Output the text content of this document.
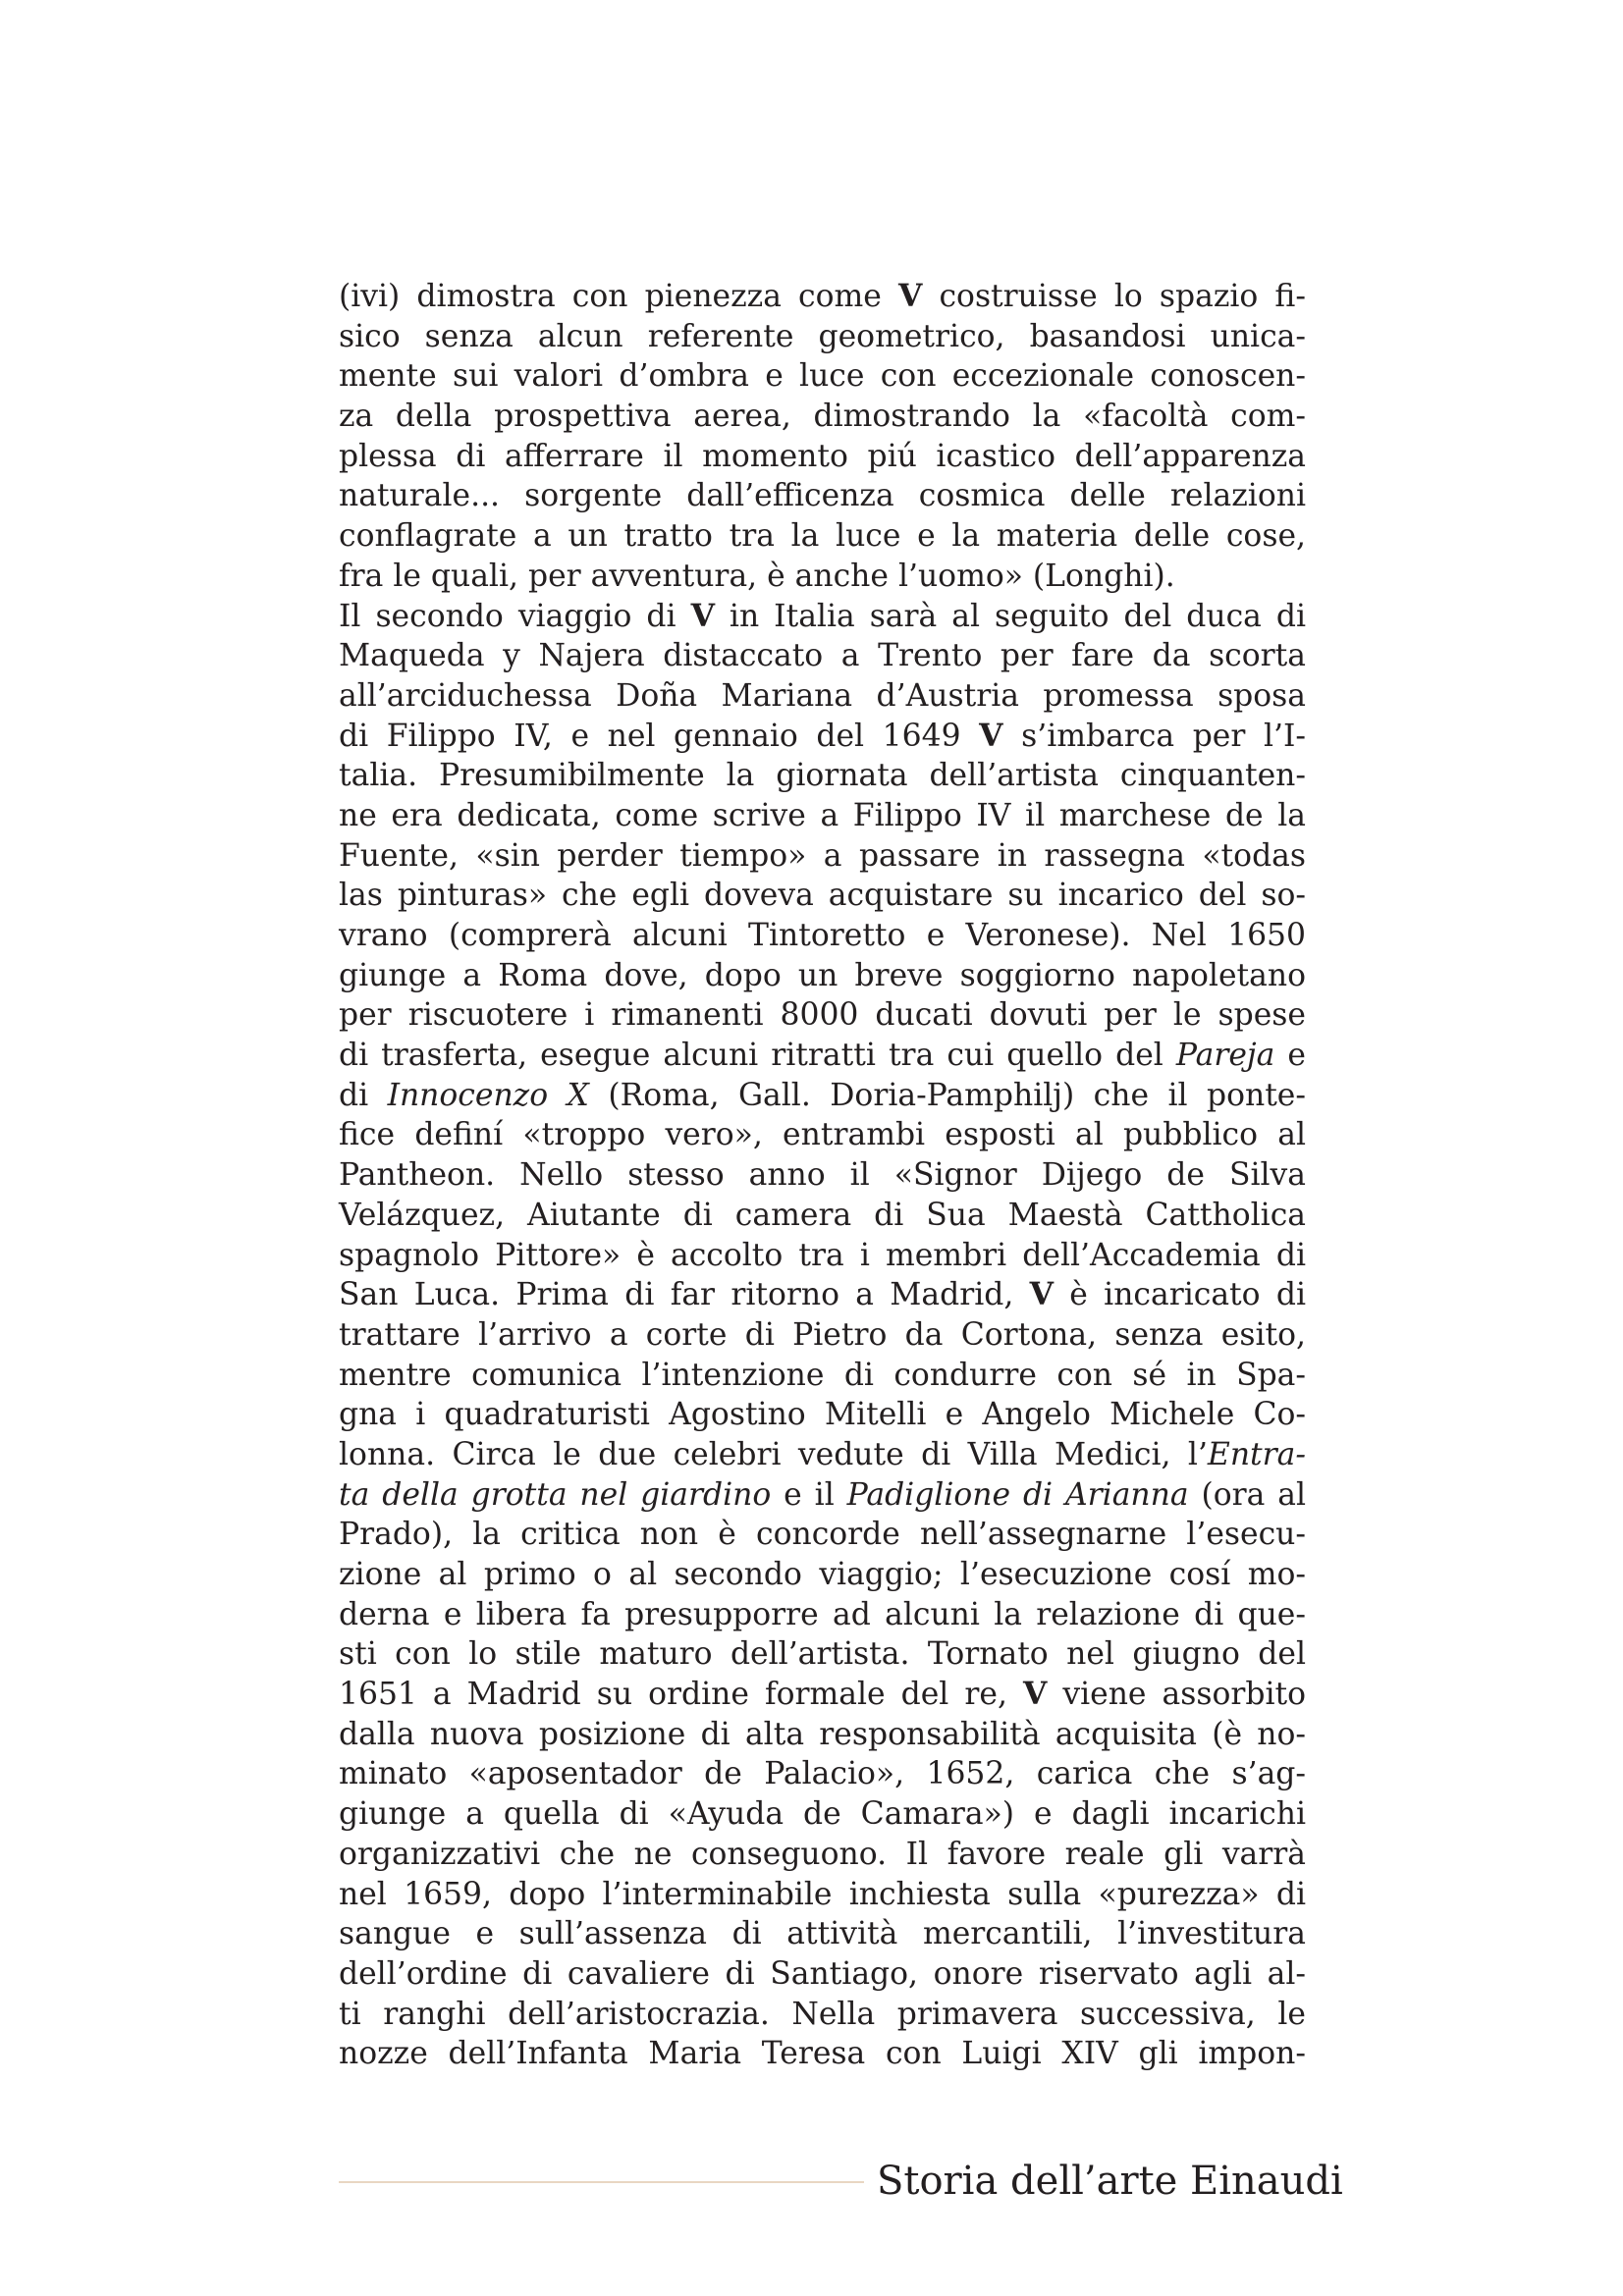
(ivi) dimostra con pienezza come V costruisse lo spazio fi-
sico senza alcun referente geometrico, basandosi unica-
mente sui valori d’ombra e luce con eccezionale conoscen-
za della prospettiva aerea, dimostrando la «facoltà com-
plessa di afferrare il momento piú icastico dell’apparenza
naturale... sorgente dall’efficenza cosmica delle relazioni
conflagrate a un tratto tra la luce e la materia delle cose,
fra le quali, per avventura, è anche l’uomo» (Longhi).
Il secondo viaggio di V in Italia sarà al seguito del duca di
Maqueda y Najera distaccato a Trento per fare da scorta
all’arciduchessa Doña Mariana d’Austria promessa sposa
di Filippo IV, e nel gennaio del 1649 V s’imbarca per l’I-
talia. Presumibilmente la giornata dell’artista cinquanten-
ne era dedicata, come scrive a Filippo IV il marchese de la
Fuente, «sin perder tiempo» a passare in rassegna «todas
las pinturas» che egli doveva acquistare su incarico del so-
vrano (comprerà alcuni Tintoretto e Veronese). Nel 1650
giunge a Roma dove, dopo un breve soggiorno napoletano
per riscuotere i rimanenti 8000 ducati dovuti per le spese
di trasferta, esegue alcuni ritratti tra cui quello del Pareja e
di Innocenzo X (Roma, Gall. Doria-Pamphilj) che il ponte-
fice definí «troppo vero», entrambi esposti al pubblico al
Pantheon. Nello stesso anno il «Signor Dijego de Silva
Velázquez, Aiutante di camera di Sua Maestà Cattholica
spagnolo Pittore» è accolto tra i membri dell’Accademia di
San Luca. Prima di far ritorno a Madrid, V è incaricato di
trattare l’arrivo a corte di Pietro da Cortona, senza esito,
mentre comunica l’intenzione di condurre con sé in Spa-
gna i quadraturisti Agostino Mitelli e Angelo Michele Co-
lonna. Circa le due celebri vedute di Villa Medici, l’Entra-
ta della grotta nel giardino e il Padiglione di Arianna (ora al
Prado), la critica non è concorde nell’assegnarne l’esecu-
zione al primo o al secondo viaggio; l’esecuzione cosí mo-
derna e libera fa presupporre ad alcuni la relazione di que-
sti con lo stile maturo dell’artista. Tornato nel giugno del
1651 a Madrid su ordine formale del re, V viene assorbito
dalla nuova posizione di alta responsabilità acquisita (è no-
minato «aposentador de Palacio», 1652, carica che s’ag-
giunge a quella di «Ayuda de Camara») e dagli incarichi
organizzativi che ne conseguono. Il favore reale gli varrà
nel 1659, dopo l’interminabile inchiesta sulla «purezza» di
sangue e sull’assenza di attività mercantili, l’investitura
dell’ordine di cavaliere di Santiago, onore riservato agli al-
ti ranghi dell’aristocrazia. Nella primavera successiva, le
nozze dell’Infanta Maria Teresa con Luigi XIV gli impon-
Storia dell’arte Einaudi
